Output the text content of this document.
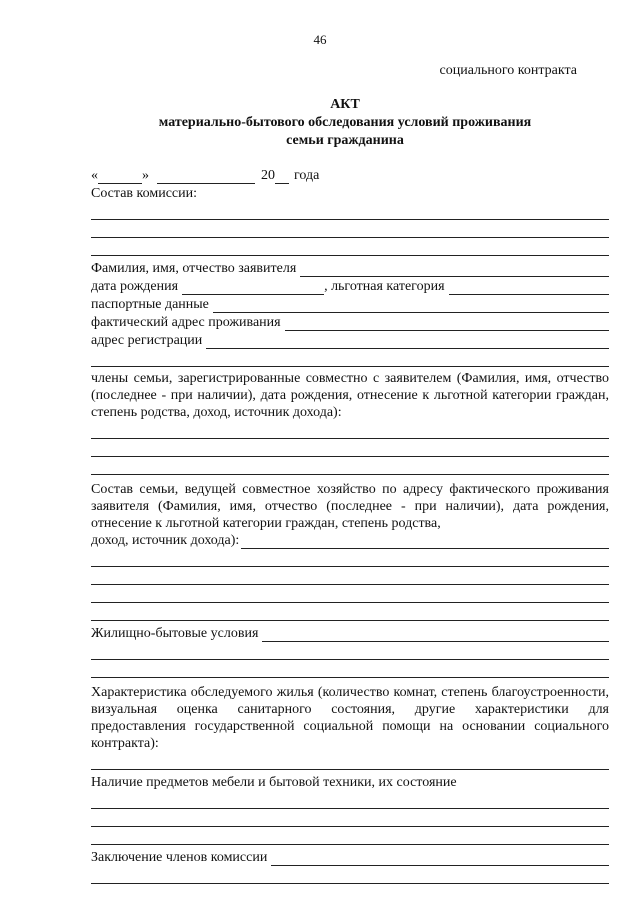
46
социального контракта
АКТ
материально-бытового обследования условий проживания
семьи гражданина
«	»	20 года
Состав комиссии:
Фамилия, имя, отчество заявителя
дата рождения	, льготная категория
паспортные данные
фактический адрес проживания
адрес регистрации
члены семьи, зарегистрированные совместно с заявителем (Фамилия, имя, отчество (последнее - при наличии), дата рождения, отнесение к льготной категории граждан, степень родства, доход, источник дохода):
Состав семьи, ведущей совместное хозяйство по адресу фактического проживания заявителя (Фамилия, имя, отчество (последнее - при наличии), дата рождения, отнесение к льготной категории граждан, степень родства,
доход, источник дохода):
Жилищно-бытовые условия
Характеристика обследуемого жилья (количество комнат, степень благоустроенности, визуальная оценка санитарного состояния, другие характеристики для предоставления государственной социальной помощи на основании социального контракта):
Наличие предметов мебели и бытовой техники, их состояние
Заключение членов комиссии
